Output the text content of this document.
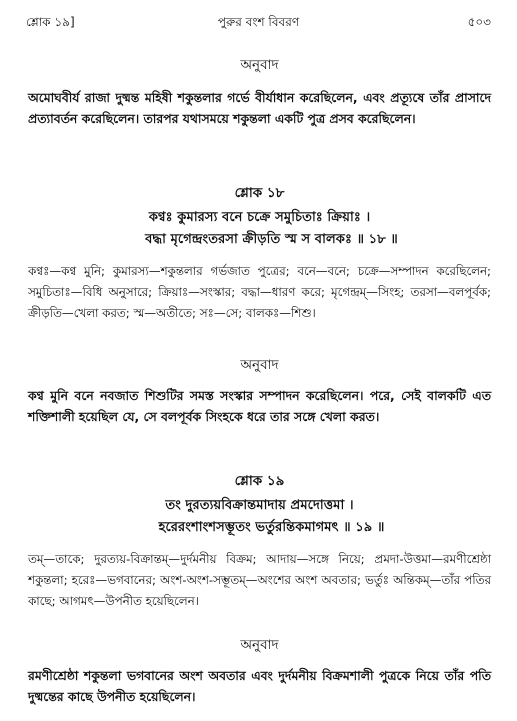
শ্লোক ১৯]	পুরুর বংশ বিবরণ	৫০৩
অনুবাদ
অমোঘবীর্য রাজা দুষ্মন্ত মহিষী শকুন্তলার গর্ভে বীর্যাধান করেছিলেন, এবং প্রত্যূষে তাঁর প্রাসাদে প্রত্যাবর্তন করেছিলেন। তারপর যথাসময়ে শকুন্তলা একটি পুত্র প্রসব করেছিলেন।
শ্লোক ১৮
কণ্বঃ কুমারস্য বনে চক্রে সমুচিতাঃ ক্রিয়াঃ ।
বদ্ধা মৃগেন্দ্রংতরসা ক্রীড়তি স্ম স বালকঃ ॥ ১৮ ॥
কণ্বঃ—কণ্ব মুনি; কুমারস্য—শকুন্তলার গর্ভজাত পুত্রের; বনে—বনে; চক্রে—সম্পাদন করেছিলেন; সমুচিতাঃ—বিধি অনুসারে; ক্রিয়াঃ—সংস্কার; বদ্ধা—ধারণ করে; মৃগেন্দ্রম্—সিংহ; তরসা—বলপূর্বক; ক্রীড়তি—খেলা করত; স্ম—অতীতে; সঃ—সে; বালকঃ—শিশু।
অনুবাদ
কণ্ব মুনি বনে নবজাত শিশুটির সমস্ত সংস্কার সম্পাদন করেছিলেন। পরে, সেই বালকটি এত শক্তিশালী হয়েছিল যে, সে বলপূর্বক সিংহকে ধরে তার সঙ্গে খেলা করত।
শ্লোক ১৯
তং দুরত্যয়বিক্রান্তমাদায় প্রমদোত্তমা ।
হরেরংশাংশসম্ভূতং ভর্তুরন্তিকমাগমৎ ॥ ১৯ ॥
তম্—তাকে; দুরত্যয়-বিক্রান্তম্—দুর্দমনীয় বিক্রম; আদায়—সঙ্গে নিয়ে; প্রমদা-উত্তমা—রমণীশ্রেষ্ঠা শকুন্তলা; হরেঃ—ভগবানের; অংশ-অংশ-সম্ভূতম্—অংশের অংশ অবতার; ভর্তুঃ অন্তিকম্—তাঁর পতির কাছে; আগমৎ—উপনীত হয়েছিলেন।
অনুবাদ
রমণীশ্রেষ্ঠা শকুন্তলা ভগবানের অংশ অবতার এবং দুর্দমনীয় বিক্রমশালী পুত্রকে নিয়ে তাঁর পতি দুষ্মন্তের কাছে উপনীত হয়েছিলেন।
